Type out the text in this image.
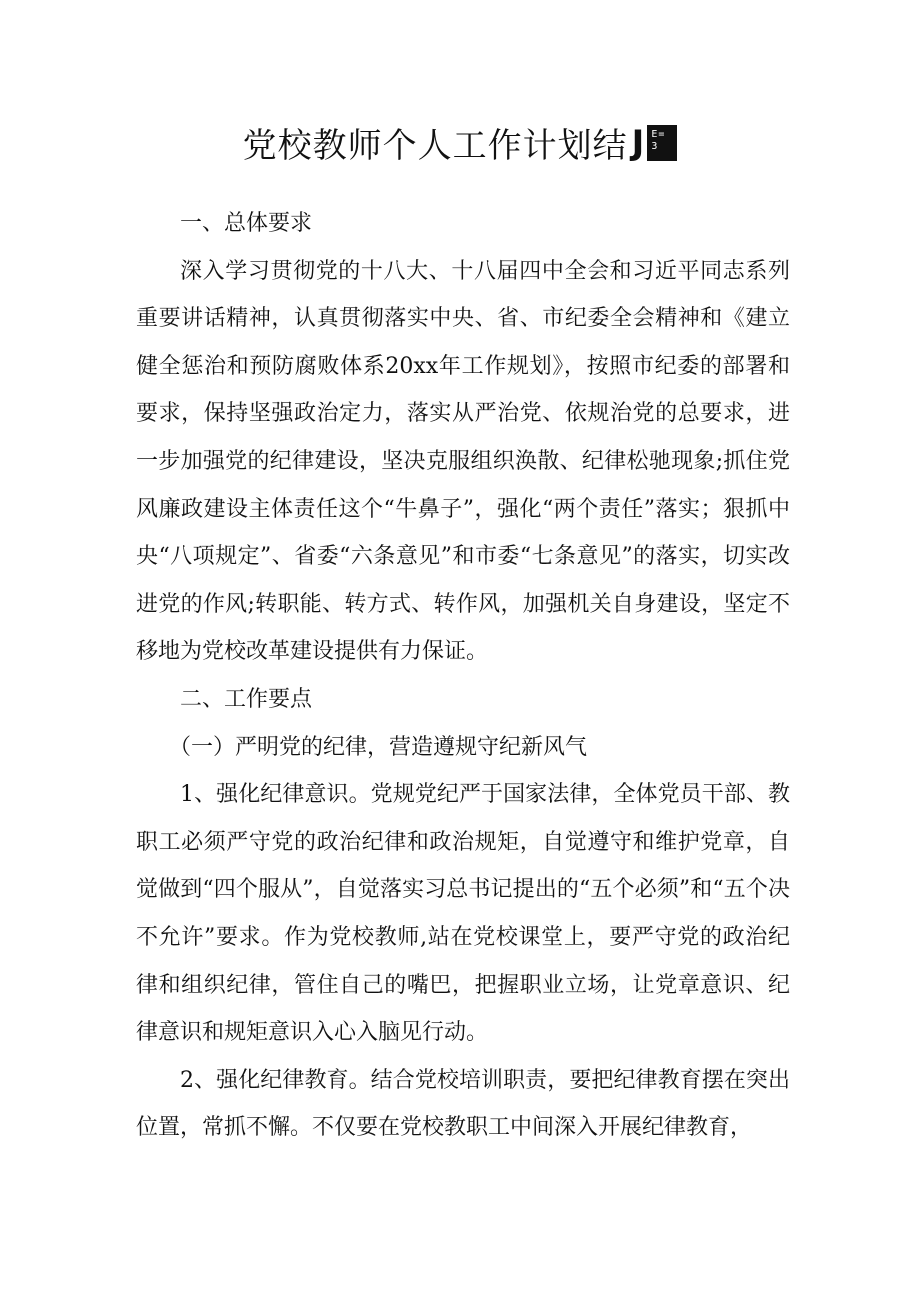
党校教师个人工作计划结 J E=
3

一、总体要求

深入学习贯彻党的十八大、十八届四中全会和习近平同志系列重要讲话精神，认真贯彻落实中央、省、市纪委全会精神和《建立健全惩治和预防腐败体系20xx年工作规划》，按照市纪委的部署和要求，保持坚强政治定力，落实从严治党、依规治党的总要求，进一步加强党的纪律建设，坚决克服组织涣散、纪律松驰现象;抓住党风廉政建设主体责任这个“牛鼻子”，强化“两个责任”落实；狠抓中央“八项规定”、省委“六条意见”和市委“七条意见”的落实，切实改进党的作风;转职能、转方式、转作风，加强机关自身建设，坚定不移地为党校改革建设提供有力保证。

二、工作要点

（一）严明党的纪律，营造遵规守纪新风气

1、强化纪律意识。党规党纪严于国家法律，全体党员干部、教职工必须严守党的政治纪律和政治规矩，自觉遵守和维护党章，自觉做到“四个服从”，自觉落实习总书记提出的“五个必须”和“五个决不允许”要求。作为党校教师,站在党校课堂上，要严守党的政治纪律和组织纪律，管住自己的嘴巴，把握职业立场，让党章意识、纪律意识和规矩意识入心入脑见行动。

2、强化纪律教育。结合党校培训职责，要把纪律教育摆在突出位置，常抓不懈。不仅要在党校教职工中间深入开展纪律教育，
